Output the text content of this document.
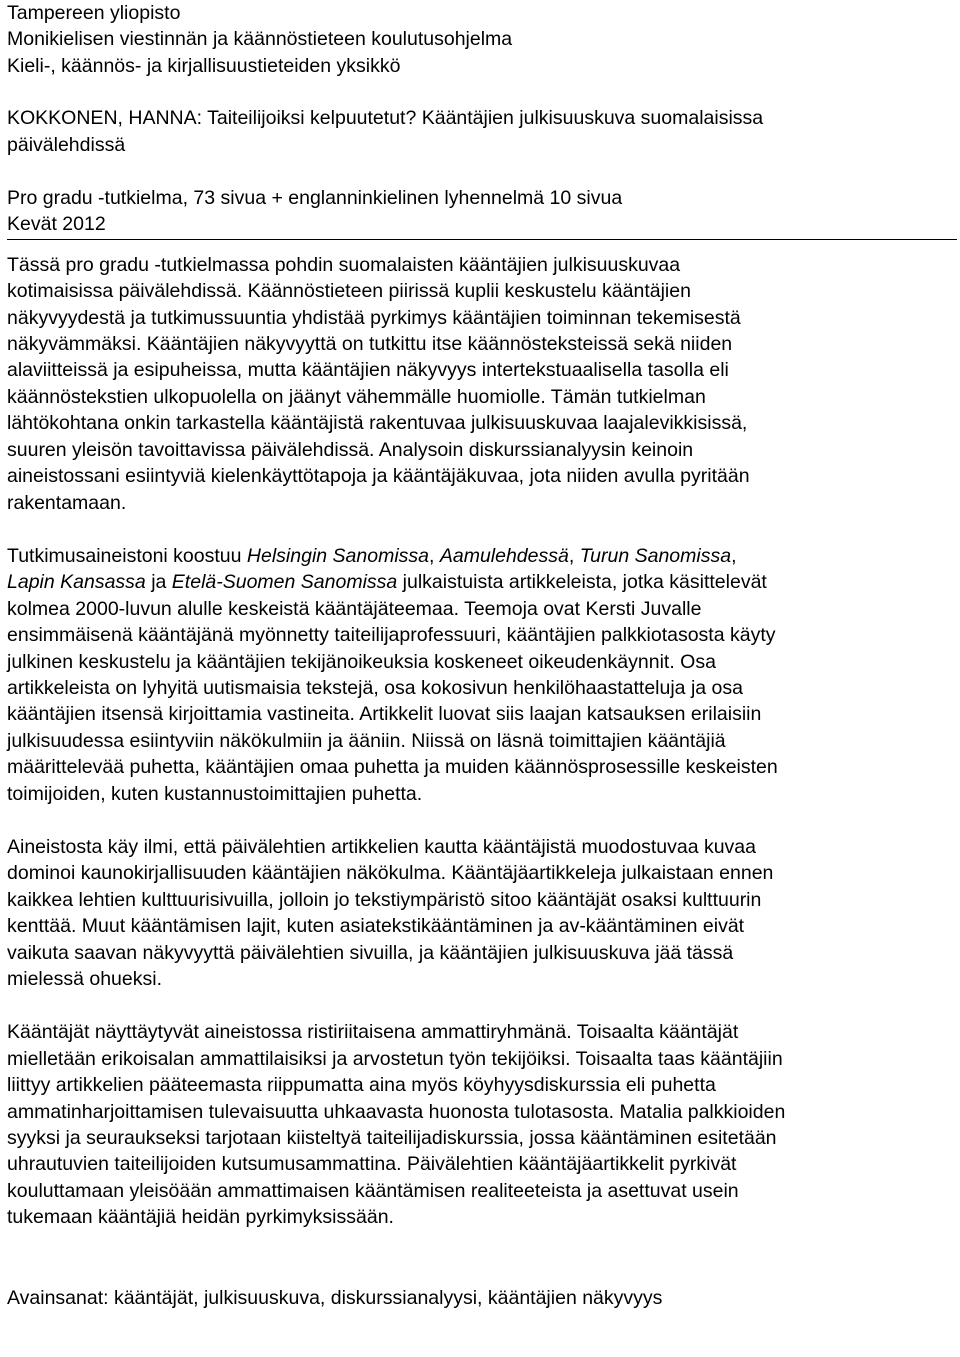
Tampereen yliopisto

Monikielisen viestinnän ja käännöstieteen koulutusohjelma

Kieli-, käännös- ja kirjallisuustieteiden yksikkö

KOKKONEN, HANNA: Taiteilijoiksi kelpuutetut? Kääntäjien julkisuuskuva suomalaisissa

päivälehdissä

Pro gradu -tutkielma, 73 sivua + englanninkielinen lyhennelmä 10 sivua

Kevät 2012

Tässä pro gradu -tutkielmassa pohdin suomalaisten kääntäjien julkisuuskuvaa

kotimaisissa päivälehdissä. Käännöstieteen piirissä kuplii keskustelu kääntäjien

näkyvyydestä ja tutkimussuuntia yhdistää pyrkimys kääntäjien toiminnan tekemisestä

näkyvämmäksi. Kääntäjien näkyvyyttä on tutkittu itse käännösteksteissä sekä niiden

alaviitteissä ja esipuheissa, mutta kääntäjien näkyvyys intertekstuaalisella tasolla eli

käännöstekstien ulkopuolella on jäänyt vähemmälle huomiolle. Tämän tutkielman

lähtökohtana onkin tarkastella kääntäjistä rakentuvaa julkisuuskuvaa laajalevikkisissä,

suuren yleisön tavoittavissa päivälehdissä. Analysoin diskurssianalyysin keinoin

aineistossani esiintyviä kielenkäyttötapoja ja kääntäjäkuvaa, jota niiden avulla pyritään

rakentamaan.

Tutkimusaineistoni koostuu Helsingin Sanomissa, Aamulehdessä, Turun Sanomissa,

Lapin Kansassa ja Etelä-Suomen Sanomissa julkaistuista artikkeleista, jotka käsittelevät

kolmea 2000-luvun alulle keskeistä kääntäjäteemaa. Teemoja ovat Kersti Juvalle

ensimmäisenä kääntäjänä myönnetty taiteilijaprofessuuri, kääntäjien palkkiotasosta käyty

julkinen keskustelu ja kääntäjien tekijänoikeuksia koskeneet oikeudenkäynnit. Osa

artikkeleista on lyhyitä uutismaisia tekstejä, osa kokosivun henkilöhaastatteluja ja osa

kääntäjien itsensä kirjoittamia vastineita. Artikkelit luovat siis laajan katsauksen erilaisiin

julkisuudessa esiintyviin näkökulmiin ja ääniin. Niissä on läsnä toimittajien kääntäjiä

määrittelevää puhetta, kääntäjien omaa puhetta ja muiden käännösprosessille keskeisten

toimijoiden, kuten kustannustoimittajien puhetta.

Aineistosta käy ilmi, että päivälehtien artikkelien kautta kääntäjistä muodostuvaa kuvaa

dominoi kaunokirjallisuuden kääntäjien näkökulma. Kääntäjäartikkeleja julkaistaan ennen

kaikkea lehtien kulttuurisivuilla, jolloin jo tekstiympäristö sitoo kääntäjät osaksi kulttuurin

kenttää. Muut kääntämisen lajit, kuten asiatekstikääntäminen ja av-kääntäminen eivät

vaikuta saavan näkyvyyttä päivälehtien sivuilla, ja kääntäjien julkisuuskuva jää tässä

mielessä ohueksi.

Kääntäjät näyttäytyvät aineistossa ristiriitaisena ammattiryhmänä. Toisaalta kääntäjät

mielletään erikoisalan ammattilaisiksi ja arvostetun työn tekijöiksi. Toisaalta taas kääntäjiin

liittyy artikkelien pääteemasta riippumatta aina myös köyhyysdiskurssia eli puhetta

ammatinharjoittamisen tulevaisuutta uhkaavasta huonosta tulotasosta. Matalia palkkioiden

syyksi ja seuraukseksi tarjotaan kiisteltyä taiteilijadiskurssia, jossa kääntäminen esitetään

uhrautuvien taiteilijoiden kutsumusammattina. Päivälehtien kääntäjäartikkelit pyrkivät

kouluttamaan yleisöään ammattimaisen kääntämisen realiteeteista ja asettuvat usein

tukemaan kääntäjiä heidän pyrkimyksissään.

Avainsanat: kääntäjät, julkisuuskuva, diskurssianalyysi, kääntäjien näkyvyys
